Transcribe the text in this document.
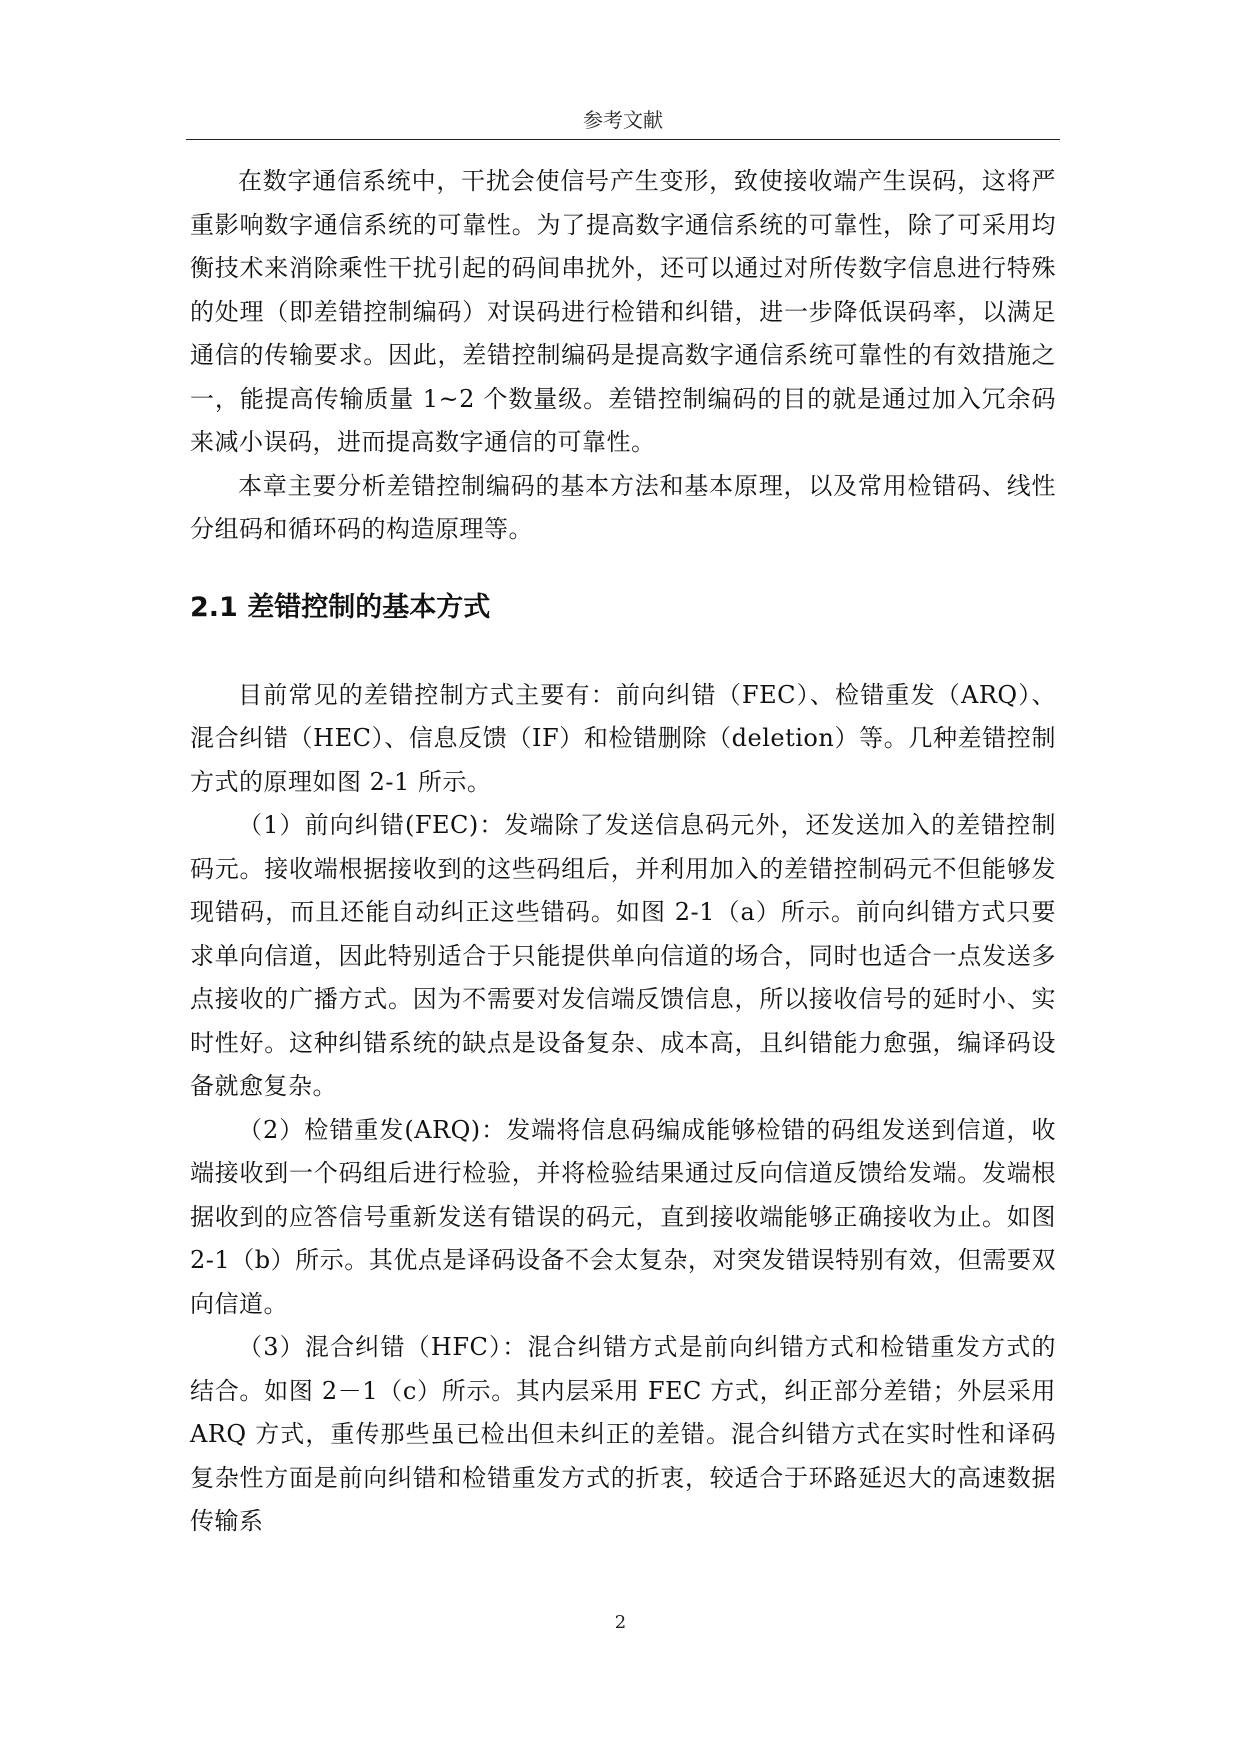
参考文献

在数字通信系统中，干扰会使信号产生变形，致使接收端产生误码，这将严重影响数字通信系统的可靠性。为了提高数字通信系统的可靠性，除了可采用均衡技术来消除乘性干扰引起的码间串扰外，还可以通过对所传数字信息进行特殊的处理（即差错控制编码）对误码进行检错和纠错，进一步降低误码率，以满足通信的传输要求。因此，差错控制编码是提高数字通信系统可靠性的有效措施之一，能提高传输质量 1~2 个数量级。差错控制编码的目的就是通过加入冗余码来减小误码，进而提高数字通信的可靠性。

本章主要分析差错控制编码的基本方法和基本原理，以及常用检错码、线性分组码和循环码的构造原理等。

2.1 差错控制的基本方式

目前常见的差错控制方式主要有：前向纠错（FEC）、检错重发（ARQ）、混合纠错（HEC）、信息反馈（IF）和检错删除（deletion）等。几种差错控制方式的原理如图 2-1 所示。

（1）前向纠错(FEC)：发端除了发送信息码元外，还发送加入的差错控制码元。接收端根据接收到的这些码组后，并利用加入的差错控制码元不但能够发现错码，而且还能自动纠正这些错码。如图 2-1（a）所示。前向纠错方式只要求单向信道，因此特别适合于只能提供单向信道的场合，同时也适合一点发送多点接收的广播方式。因为不需要对发信端反馈信息，所以接收信号的延时小、实时性好。这种纠错系统的缺点是设备复杂、成本高，且纠错能力愈强，编译码设备就愈复杂。

（2）检错重发(ARQ)：发端将信息码编成能够检错的码组发送到信道，收端接收到一个码组后进行检验，并将检验结果通过反向信道反馈给发端。发端根据收到的应答信号重新发送有错误的码元，直到接收端能够正确接收为止。如图 2-1（b）所示。其优点是译码设备不会太复杂，对突发错误特别有效，但需要双向信道。

（3）混合纠错（HFC）：混合纠错方式是前向纠错方式和检错重发方式的结合。如图 2－1（c）所示。其内层采用 FEC 方式，纠正部分差错；外层采用 ARQ 方式，重传那些虽已检出但未纠正的差错。混合纠错方式在实时性和译码复杂性方面是前向纠错和检错重发方式的折衷，较适合于环路延迟大的高速数据传输系

2
